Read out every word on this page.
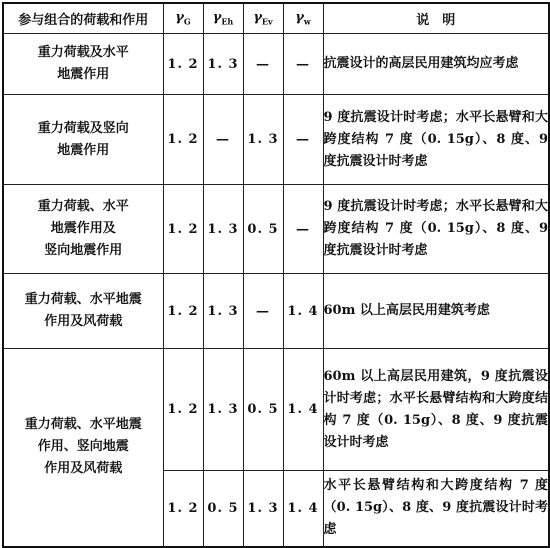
参与组合的荷载和作用	$\gamma_G$	$\gamma_{Eh}$	$\gamma_{Ev}$	$\gamma_w$	说　明

重力荷载及水平
地震作用	1. 2	1. 3	—	—	抗震设计的高层民用建筑均应考虑

重力荷载及竖向
地震作用	1. 2	—	1. 3	—	9 度抗震设计时考虑；水平长悬臂和大跨度结构 7 度（0. 15g）、8 度、9 度抗震设计时考虑

重力荷载、水平
地震作用及
竖向地震作用	1. 2	1. 3	0. 5	—	9 度抗震设计时考虑；水平长悬臂和大跨度结构 7 度（0. 15g）、8 度、9 度抗震设计时考虑

重力荷载、水平地震
作用及风荷载	1. 2	1. 3	—	1. 4	60m 以上高层民用建筑考虑

重力荷载、水平地震
作用、竖向地震
作用及风荷载	1. 2	1. 3	0. 5	1. 4	60m 以上高层民用建筑，9 度抗震设计时考虑；水平长悬臂结构和大跨度结构 7 度（0. 15g）、8 度、9 度抗震设计时考虑
	1. 2	0. 5	1. 3	1. 4	水平长悬臂结构和大跨度结构 7 度（0. 15g）、8 度、9 度抗震设计时考虑
